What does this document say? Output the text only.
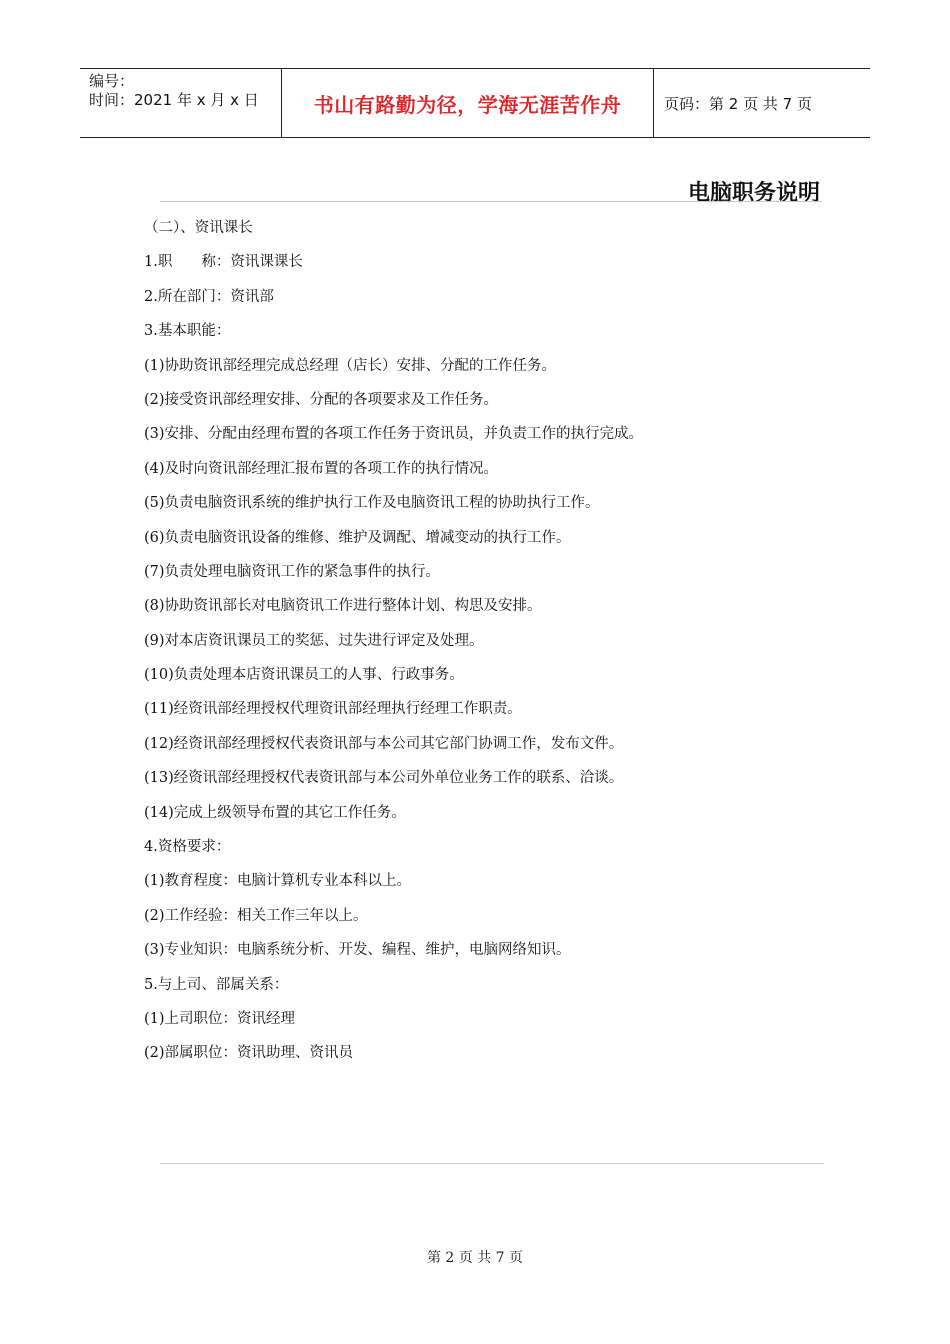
编号：
时间：2021 年 x 月 x 日	书山有路勤为径，学海无涯苦作舟	页码：第 2 页 共 7 页
电脑职务说明
（二）、资讯课长
1.职　　称：资讯课课长
2.所在部门：资讯部
3.基本职能：
(1)协助资讯部经理完成总经理（店长）安排、分配的工作任务。
(2)接受资讯部经理安排、分配的各项要求及工作任务。
(3)安排、分配由经理布置的各项工作任务于资讯员，并负责工作的执行完成。
(4)及时向资讯部经理汇报布置的各项工作的执行情况。
(5)负责电脑资讯系统的维护执行工作及电脑资讯工程的协助执行工作。
(6)负责电脑资讯设备的维修、维护及调配、增减变动的执行工作。
(7)负责处理电脑资讯工作的紧急事件的执行。
(8)协助资讯部长对电脑资讯工作进行整体计划、构思及安排。
(9)对本店资讯课员工的奖惩、过失进行评定及处理。
(10)负责处理本店资讯课员工的人事、行政事务。
(11)经资讯部经理授权代理资讯部经理执行经理工作职责。
(12)经资讯部经理授权代表资讯部与本公司其它部门协调工作，发布文件。
(13)经资讯部经理授权代表资讯部与本公司外单位业务工作的联系、洽谈。
(14)完成上级领导布置的其它工作任务。
4.资格要求：
(1)教育程度：电脑计算机专业本科以上。
(2)工作经验：相关工作三年以上。
(3)专业知识：电脑系统分析、开发、编程、维护，电脑网络知识。
5.与上司、部属关系：
(1)上司职位：资讯经理
(2)部属职位：资讯助理、资讯员
第 2 页 共 7 页
